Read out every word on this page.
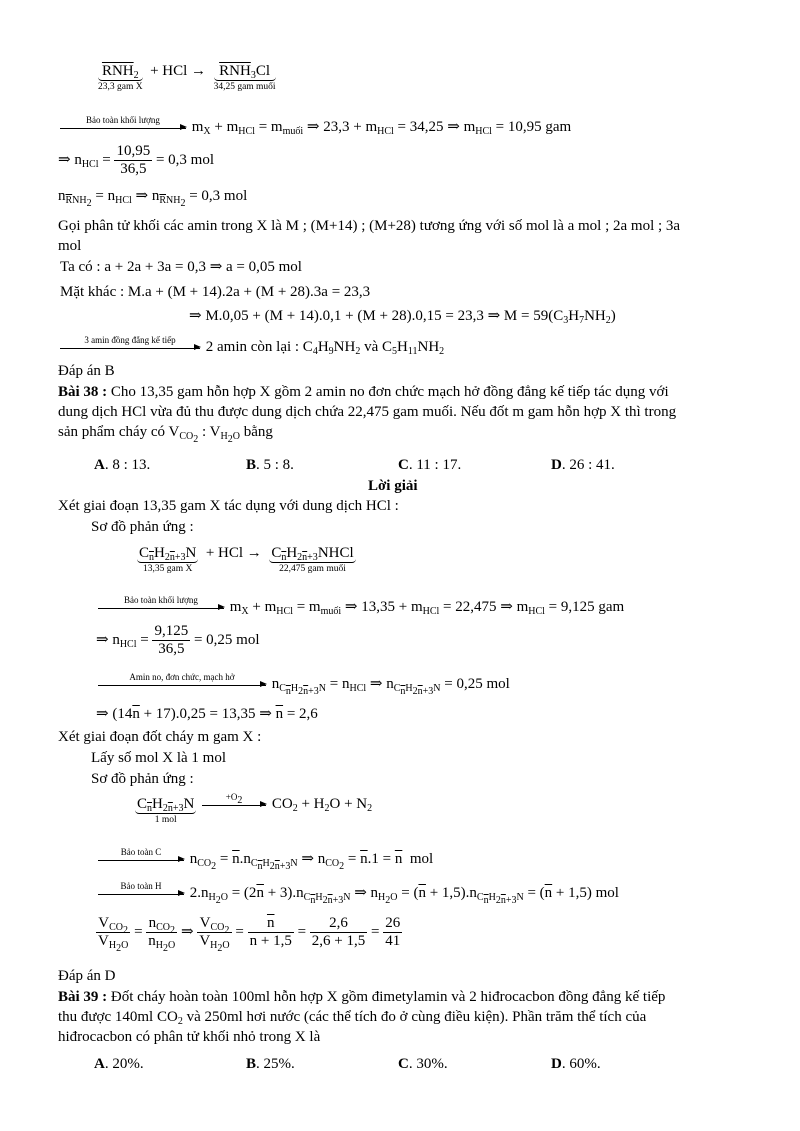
$\overline{RNH}_2$
23,3 gam X
+ HCl → $\overline{RNH}_3Cl$
34,25 gam muối
Bảo toàn khối lượng	$m_X + m_{HCl} = m_{muối}$ ⇒ $23,3 + m_{HCl} = 34,25$ ⇒ $m_{HCl} = 10,95$ gam
⇒ $n_{HCl} = \frac{10,95}{36,5} = 0,3$ mol
$n_{\overline{R}NH_2} = n_{HCl}$ ⇒ $n_{\overline{R}NH_2} = 0,3$ mol
Gọi phân tử khối các amin trong X là M ; (M+14) ; (M+28) tương ứng với số mol là a mol ; 2a mol ; 3a
mol
Ta có : a + 2a + 3a = 0,3 ⇒ a = 0,05 mol
Mặt khác : M.a + (M + 14).2a + (M + 28).3a = 23,3
⇒ M.0,05 + (M + 14).0,1 + (M + 28).0,15 = 23,3 ⇒ $M = 59(C_3H_7NH_2)$
3 amin đồng đẳng kế tiếp	2 amin còn lại : $C_4H_9NH_2$ và $C_5H_{11}NH_2$
Đáp án B
Bài 38 : Cho 13,35 gam hỗn hợp X gồm 2 amin no đơn chức mạch hở đồng đẳng kế tiếp tác dụng với
dung dịch HCl vừa đủ thu được dung dịch chứa 22,475 gam muối. Nếu đốt m gam hỗn hợp X thì trong
sản phẩm cháy có $V_{CO_2}$ : $V_{H_2O}$ bằng
A. 8 : 13.	B. 5 : 8.	C. 11 : 17.	D. 26 : 41.
Lời giải
Xét giai đoạn 13,35 gam X tác dụng với dung dịch HCl :
Sơ đồ phản ứng :
$C_{\overline{n}}H_{2\overline{n}+3}N$
13,35 gam X
+ HCl → $C_{\overline{n}}H_{2\overline{n}+3}NHCl$
22,475 gam muối
Bảo toàn khối lượng	$m_X + m_{HCl} = m_{muối}$ ⇒ $13,35 + m_{HCl} = 22,475$ ⇒ $m_{HCl} = 9,125$ gam
⇒ $n_{HCl} = \frac{9,125}{36,5} = 0,25$ mol
Amin no, đơn chức, mạch hở	$n_{C_{\overline{n}}H_{2\overline{n}+3}N} = n_{HCl}$ ⇒ $n_{C_{\overline{n}}H_{2\overline{n}+3}N} = 0,25$ mol
⇒ $(14\overline{n} + 17).0,25 = 13,35$ ⇒ $\overline{n} = 2,6$
Xét giai đoạn đốt cháy m gam X :
Lấy số mol X là 1 mol
Sơ đồ phản ứng :
$C_{\overline{n}}H_{2\overline{n}+3}N$
1 mol

$+O_2$	$CO_2 + H_2O + N_2$
Bảo toàn C	$n_{CO_2} = \overline{n}.n_{C_{\overline{n}}H_{2\overline{n}+3}N}$ ⇒ $n_{CO_2} = \overline{n}.1 = \overline{n}$  mol
Bảo toàn H	$2.n_{H_2O} = (2\overline{n} + 3).n_{C_{\overline{n}}H_{2\overline{n}+3}N}$ ⇒ $n_{H_2O} = (\overline{n} + 1,5).n_{C_{\overline{n}}H_{2\overline{n}+3}N} = (\overline{n} + 1,5)$ mol
$\frac{V_{CO_2}}{V_{H_2O}} = \frac{n_{CO_2}}{n_{H_2O}}$ ⇒ $\frac{V_{CO_2}}{V_{H_2O}} = \frac{\overline{n}}{\overline{n} + 1,5} = \frac{2,6}{2,6 + 1,5} = \frac{26}{41}$
Đáp án D
Bài 39 : Đốt cháy hoàn toàn 100ml hỗn hợp X gồm đimetylamin và 2 hiđrocacbon đồng đẳng kế tiếp
thu được 140ml $CO_2$ và 250ml hơi nước (các thể tích đo ở cùng điều kiện). Phần trăm thể tích của
hiđrocacbon có phân tử khối nhỏ trong X là
A. 20%.	B. 25%.	C. 30%.	D. 60%.
